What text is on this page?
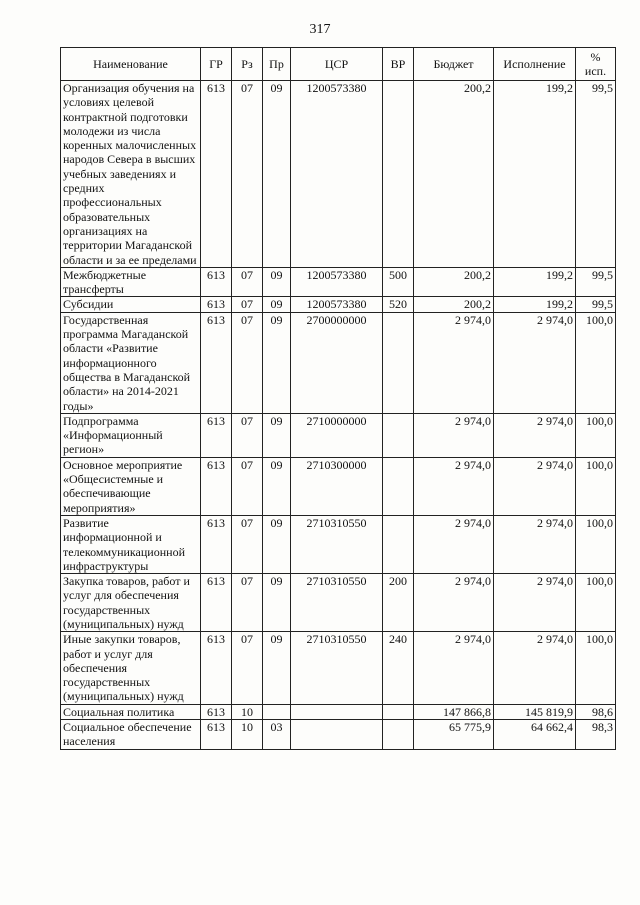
317
Наименование	ГР	Рз	Пр	ЦСР	ВР	Бюджет	Исполнение	%
исп.
Организация обучения на условиях целевой контрактной подготовки молодежи из числа коренных малочисленных народов Севера в высших учебных заведениях и средних профессиональных образовательных организациях на территории Магаданской области и за ее пределами	613	07	09	1200573380		200,2	199,2	99,5
Межбюджетные трансферты	613	07	09	1200573380	500	200,2	199,2	99,5
Субсидии	613	07	09	1200573380	520	200,2	199,2	99,5
Государственная программа Магаданской области «Развитие информационного общества в Магаданской области» на 2014-2021 годы»	613	07	09	2700000000		2 974,0	2 974,0	100,0
Подпрограмма «Информационный регион»	613	07	09	2710000000		2 974,0	2 974,0	100,0
Основное мероприятие «Общесистемные и обеспечивающие мероприятия»	613	07	09	2710300000		2 974,0	2 974,0	100,0
Развитие информационной и телекоммуникационной инфраструктуры	613	07	09	2710310550		2 974,0	2 974,0	100,0
Закупка товаров, работ и услуг для обеспечения государственных (муниципальных) нужд	613	07	09	2710310550	200	2 974,0	2 974,0	100,0
Иные закупки товаров, работ и услуг для обеспечения государственных (муниципальных) нужд	613	07	09	2710310550	240	2 974,0	2 974,0	100,0
Социальная политика	613	10				147 866,8	145 819,9	98,6
Социальное обеспечение населения	613	10	03			65 775,9	64 662,4	98,3
